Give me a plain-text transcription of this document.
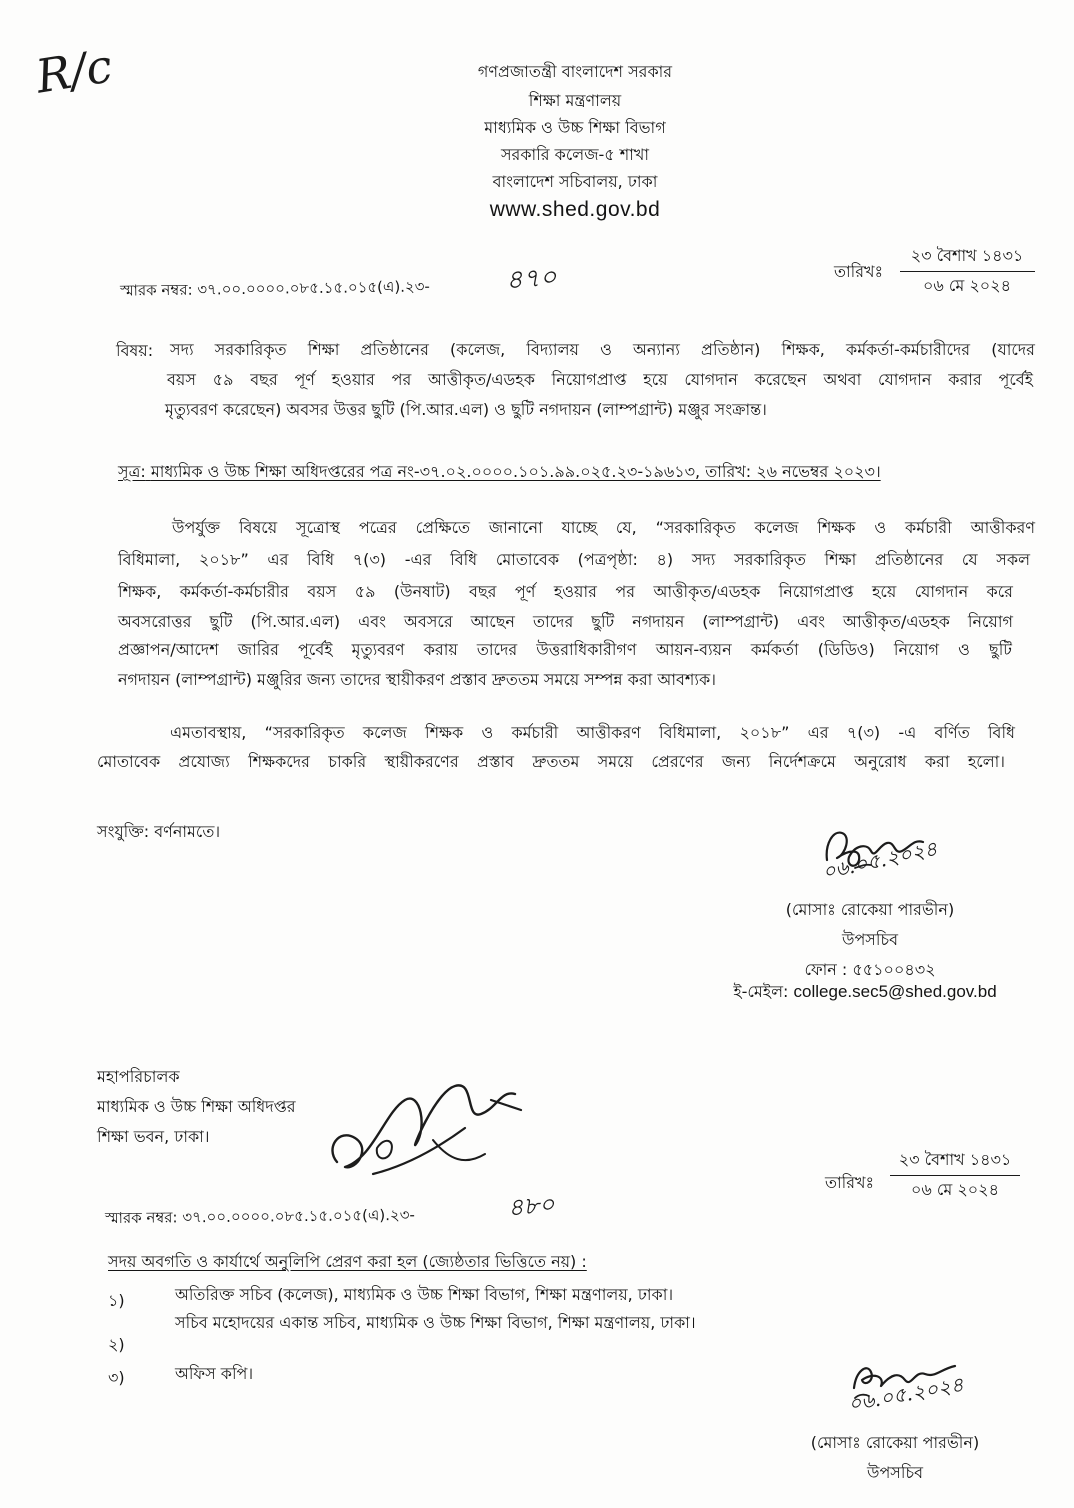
R/c	গণপ্রজাতন্ত্রী বাংলাদেশ সরকার
শিক্ষা মন্ত্রণালয়
মাধ্যমিক ও উচ্চ শিক্ষা বিভাগ
সরকারি কলেজ-৫ শাখা
বাংলাদেশ সচিবালয়, ঢাকা
www.shed.gov.bd
স্মারক নম্বর: ৩৭.০০.০০০০.০৮৫.১৫.০১৫(এ).২৩-	৪৭০	তারিখঃ
২৩ বৈশাখ ১৪৩১
০৬ মে ২০২৪
বিষয়:	সদ্য সরকারিকৃত শিক্ষা প্রতিষ্ঠানের (কলেজ, বিদ্যালয় ও অন্যান্য প্রতিষ্ঠান) শিক্ষক, কর্মকর্তা-কর্মচারীদের (যাদের
বয়স ৫৯ বছর পূর্ণ হওয়ার পর আত্তীকৃত/এডহক নিয়োগপ্রাপ্ত হয়ে যোগদান করেছেন অথবা যোগদান করার পূর্বেই
মৃত্যুবরণ করেছেন) অবসর উত্তর ছুটি (পি.আর.এল) ও ছুটি নগদায়ন (লাম্পগ্রান্ট) মঞ্জুর সংক্রান্ত।
সূত্র: মাধ্যমিক ও উচ্চ শিক্ষা অধিদপ্তরের পত্র নং-৩৭.০২.০০০০.১০১.৯৯.০২৫.২৩-১৯৬১৩, তারিখ: ২৬ নভেম্বর ২০২৩।
উপর্যুক্ত বিষয়ে সূত্রোস্থ পত্রের প্রেক্ষিতে জানানো যাচ্ছে যে, “সরকারিকৃত কলেজ শিক্ষক ও কর্মচারী আত্তীকরণ
বিধিমালা, ২০১৮” এর বিধি ৭(৩) -এর বিধি মোতাবেক (পত্রপৃষ্ঠা: ৪) সদ্য সরকারিকৃত শিক্ষা প্রতিষ্ঠানের যে সকল
শিক্ষক, কর্মকর্তা-কর্মচারীর বয়স ৫৯ (উনষাট) বছর পূর্ণ হওয়ার পর আত্তীকৃত/এডহক নিয়োগপ্রাপ্ত হয়ে যোগদান করে
অবসরোত্তর ছুটি (পি.আর.এল) এবং অবসরে আছেন তাদের ছুটি নগদায়ন (লাম্পগ্রান্ট) এবং আত্তীকৃত/এডহক নিয়োগ
প্রজ্ঞাপন/আদেশ জারির পূর্বেই মৃত্যুবরণ করায় তাদের উত্তরাধিকারীগণ আয়ন-ব্যয়ন কর্মকর্তা (ডিডিও) নিয়োগ ও ছুটি
নগদায়ন (লাম্পগ্রান্ট) মঞ্জুরির জন্য তাদের স্থায়ীকরণ প্রস্তাব দ্রুততম সময়ে সম্পন্ন করা আবশ্যক।
এমতাবস্থায়, “সরকারিকৃত কলেজ শিক্ষক ও কর্মচারী আত্তীকরণ বিধিমালা, ২০১৮” এর ৭(৩) -এ বর্ণিত বিধি
মোতাবেক প্রযোজ্য শিক্ষকদের চাকরি স্থায়ীকরণের প্রস্তাব দ্রুততম সময়ে প্রেরণের জন্য নির্দেশক্রমে অনুরোধ করা হলো।
সংযুক্তি: বর্ণনামতে।
০৬.০৫.২০২৪
(মোসাঃ রোকেয়া পারভীন)
উপসচিব
ফোন : ৫৫১০০৪৩২
ই-মেইল: college.sec5@shed.gov.bd
মহাপরিচালক
মাধ্যমিক ও উচ্চ শিক্ষা অধিদপ্তর
শিক্ষা ভবন, ঢাকা।
তারিখঃ
২৩ বৈশাখ ১৪৩১
০৬ মে ২০২৪
স্মারক নম্বর: ৩৭.০০.০০০০.০৮৫.১৫.০১৫(এ).২৩-	৪৮০
সদয় অবগতি ও কার্যার্থে অনুলিপি প্রেরণ করা হল (জ্যেষ্ঠতার ভিত্তিতে নয়) :
১)	অতিরিক্ত সচিব (কলেজ), মাধ্যমিক ও উচ্চ শিক্ষা বিভাগ, শিক্ষা মন্ত্রণালয়, ঢাকা।
২)
সচিব মহোদয়ের একান্ত সচিব, মাধ্যমিক ও উচ্চ শিক্ষা বিভাগ, শিক্ষা মন্ত্রণালয়, ঢাকা।
৩)	অফিস কপি।	০৬.০৫.২০২৪
(মোসাঃ রোকেয়া পারভীন)
উপসচিব
